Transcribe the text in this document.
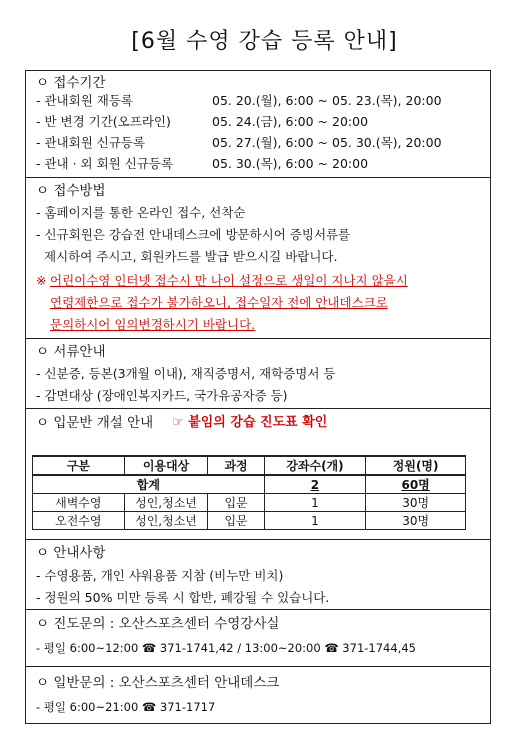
[6월 수영 강습 등록 안내]
ㅇ 접수기간
- 관내회원 재등록	05. 20.(월), 6:00 ~ 05. 23.(목), 20:00
- 반 변경 기간(오프라인)	05. 24.(금), 6:00 ~ 20:00
- 관내회원 신규등록	05. 27.(월), 6:00 ~ 05. 30.(목), 20:00
- 관내 · 외 회원 신규등록	05. 30.(목), 6:00 ~ 20:00
ㅇ 접수방법
- 홈페이지를 통한 온라인 접수, 선착순
- 신규회원은 강습전 안내데스크에 방문하시어 증빙서류를
제시하여 주시고, 회원카드를 발급 받으시길 바랍니다.
※ 어린이수영 인터넷 접수시 만 나이 설정으로 생일이 지나지 않을시
연령제한으로 접수가 불가하오니, 접수일자 전에 안내데스크로
문의하시어 임의변경하시기 바랍니다.
ㅇ 서류안내
- 신분증, 등본(3개월 이내), 재직증명서, 재학증명서 등
- 감면대상 (장애인복지카드, 국가유공자증 등)
ㅇ 입문반 개설 안내 ☞ 붙임의 강습 진도표 확인
구분	이용대상	과정	강좌수(개)	정원(명)
합계			2	60명
새벽수영	성인,청소년	입문	1	30명
오전수영	성인,청소년	입문	1	30명
ㅇ 안내사항
- 수영용품, 개인 샤워용품 지참 (비누만 비치)
- 정원의 50% 미만 등록 시 합반, 폐강될 수 있습니다.
ㅇ 진도문의 : 오산스포츠센터 수영강사실
- 평일 6:00~12:00 ☎ 371-1741,42 / 13:00~20:00 ☎ 371-1744,45
ㅇ 일반문의 : 오산스포츠센터 안내데스크
- 평일 6:00~21:00 ☎ 371-1717
